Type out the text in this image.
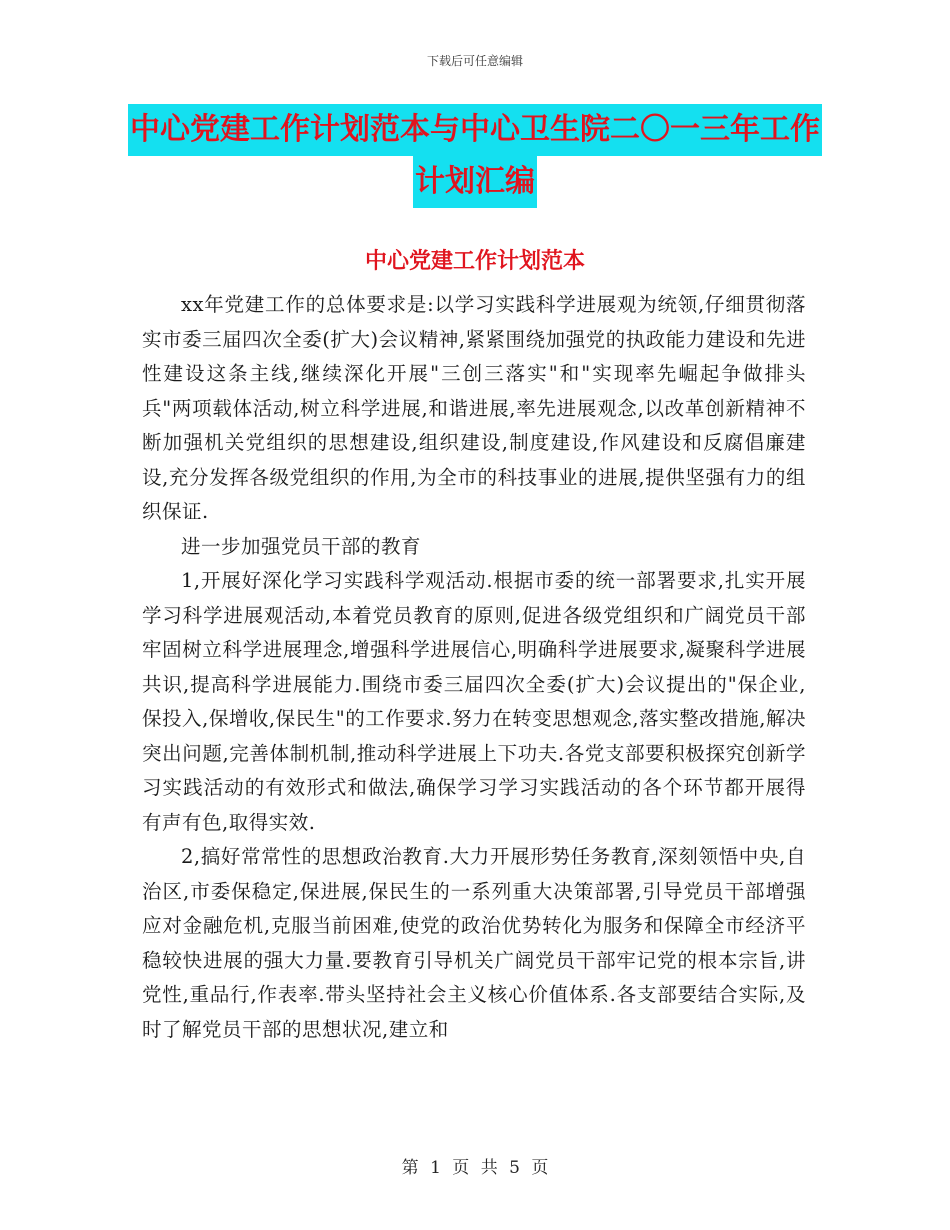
下载后可任意编辑
中心党建工作计划范本与中心卫生院二〇一三年工作
计划汇编
中心党建工作计划范本

xx年党建工作的总体要求是:以学习实践科学进展观为统领,仔细贯彻落实市委三届四次全委(扩大)会议精神,紧紧围绕加强党的执政能力建设和先进性建设这条主线,继续深化开展"三创三落实"和"实现率先崛起争做排头兵"两项载体活动,树立科学进展,和谐进展,率先进展观念,以改革创新精神不断加强机关党组织的思想建设,组织建设,制度建设,作风建设和反腐倡廉建设,充分发挥各级党组织的作用,为全市的科技事业的进展,提供坚强有力的组织保证.

进一步加强党员干部的教育

1,开展好深化学习实践科学观活动.根据市委的统一部署要求,扎实开展学习科学进展观活动,本着党员教育的原则,促进各级党组织和广阔党员干部牢固树立科学进展理念,增强科学进展信心,明确科学进展要求,凝聚科学进展共识,提高科学进展能力.围绕市委三届四次全委(扩大)会议提出的"保企业,保投入,保增收,保民生"的工作要求.努力在转变思想观念,落实整改措施,解决突出问题,完善体制机制,推动科学进展上下功夫.各党支部要积极探究创新学习实践活动的有效形式和做法,确保学习学习实践活动的各个环节都开展得有声有色,取得实效.

2,搞好常常性的思想政治教育.大力开展形势任务教育,深刻领悟中央,自治区,市委保稳定,保进展,保民生的一系列重大决策部署,引导党员干部增强应对金融危机,克服当前困难,使党的政治优势转化为服务和保障全市经济平稳较快进展的强大力量.要教育引导机关广阔党员干部牢记党的根本宗旨,讲党性,重品行,作表率.带头坚持社会主义核心价值体系.各支部要结合实际,及时了解党员干部的思想状况,建立和

第 1 页 共 5 页
